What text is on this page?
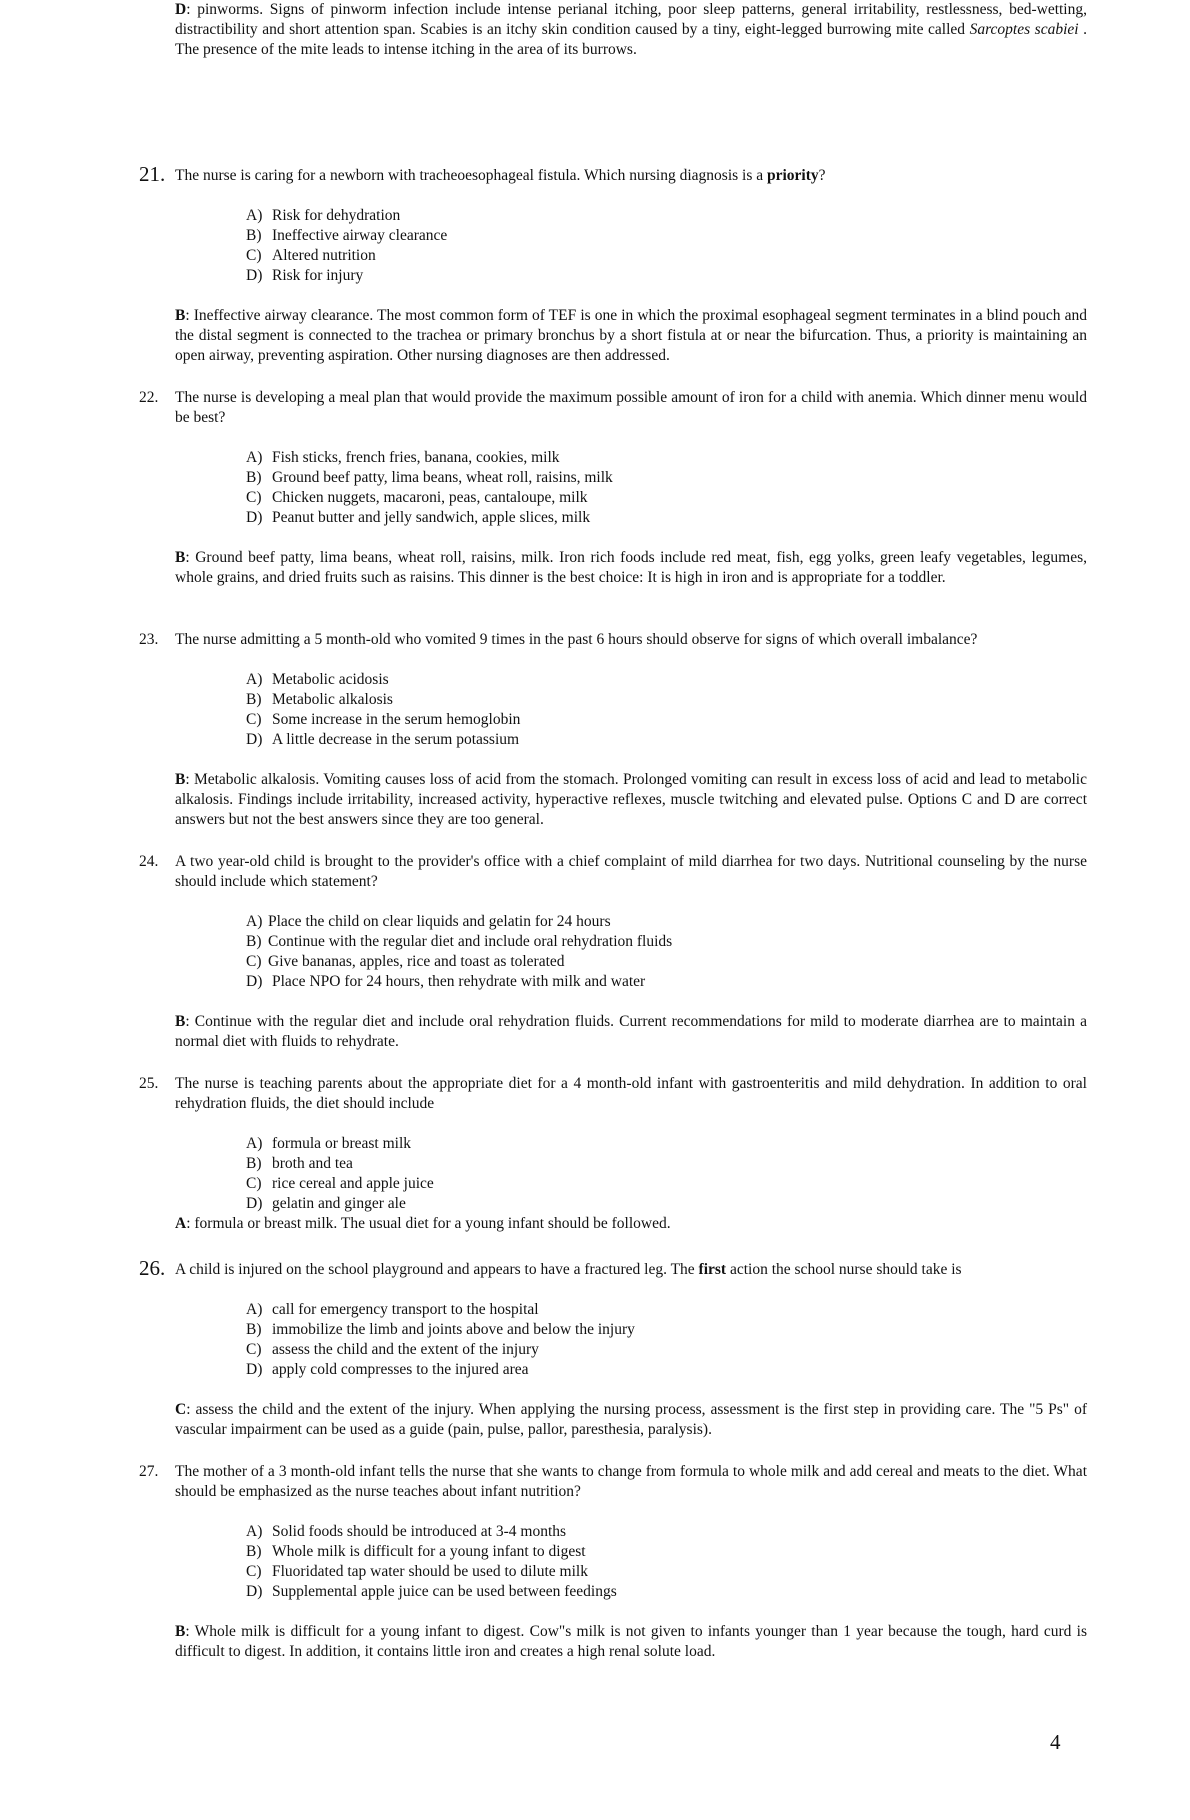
D: pinworms. Signs of pinworm infection include intense perianal itching, poor sleep patterns, general irritability, restlessness, bed-wetting, distractibility and short attention span. Scabies is an itchy skin condition caused by a tiny, eight-legged burrowing mite called Sarcoptes scabiei . The presence of the mite leads to intense itching in the area of its burrows.
21. The nurse is caring for a newborn with tracheoesophageal fistula. Which nursing diagnosis is a priority?
A) Risk for dehydration
B) Ineffective airway clearance
C) Altered nutrition
D) Risk for injury
B: Ineffective airway clearance. The most common form of TEF is one in which the proximal esophageal segment terminates in a blind pouch and the distal segment is connected to the trachea or primary bronchus by a short fistula at or near the bifurcation. Thus, a priority is maintaining an open airway, preventing aspiration. Other nursing diagnoses are then addressed.
22.	The nurse is developing a meal plan that would provide the maximum possible amount of iron for a child with anemia. Which dinner menu would be best?
A) Fish sticks, french fries, banana, cookies, milk
B) Ground beef patty, lima beans, wheat roll, raisins, milk
C) Chicken nuggets, macaroni, peas, cantaloupe, milk
D) Peanut butter and jelly sandwich, apple slices, milk
B: Ground beef patty, lima beans, wheat roll, raisins, milk. Iron rich foods include red meat, fish, egg yolks, green leafy vegetables, legumes, whole grains, and dried fruits such as raisins. This dinner is the best choice: It is high in iron and is appropriate for a toddler.
23.	The nurse admitting a 5 month-old who vomited 9 times in the past 6 hours should observe for signs of which overall imbalance?
A) Metabolic acidosis
B) Metabolic alkalosis
C) Some increase in the serum hemoglobin
D) A little decrease in the serum potassium
B: Metabolic alkalosis. Vomiting causes loss of acid from the stomach. Prolonged vomiting can result in excess loss of acid and lead to metabolic alkalosis. Findings include irritability, increased activity, hyperactive reflexes, muscle twitching and elevated pulse. Options C and D are correct answers but not the best answers since they are too general.
24.	A two year-old child is brought to the provider's office with a chief complaint of mild diarrhea for two days. Nutritional counseling by the nurse should include which statement?
A) Place the child on clear liquids and gelatin for 24 hours
B) Continue with the regular diet and include oral rehydration fluids
C) Give bananas, apples, rice and toast as tolerated
D) Place NPO for 24 hours, then rehydrate with milk and water
B: Continue with the regular diet and include oral rehydration fluids. Current recommendations for mild to moderate diarrhea are to maintain a normal diet with fluids to rehydrate.
25.	The nurse is teaching parents about the appropriate diet for a 4 month-old infant with gastroenteritis and mild dehydration. In addition to oral rehydration fluids, the diet should include
A) formula or breast milk
B) broth and tea
C) rice cereal and apple juice
D) gelatin and ginger ale
A: formula or breast milk. The usual diet for a young infant should be followed.
26. A child is injured on the school playground and appears to have a fractured leg. The first action the school nurse should take is
A) call for emergency transport to the hospital
B) immobilize the limb and joints above and below the injury
C) assess the child and the extent of the injury
D) apply cold compresses to the injured area
C: assess the child and the extent of the injury. When applying the nursing process, assessment is the first step in providing care. The "5 Ps" of vascular impairment can be used as a guide (pain, pulse, pallor, paresthesia, paralysis).
27.	The mother of a 3 month-old infant tells the nurse that she wants to change from formula to whole milk and add cereal and meats to the diet. What should be emphasized as the nurse teaches about infant nutrition?
A) Solid foods should be introduced at 3-4 months
B) Whole milk is difficult for a young infant to digest
C) Fluoridated tap water should be used to dilute milk
D) Supplemental apple juice can be used between feedings
B: Whole milk is difficult for a young infant to digest. Cow"s milk is not given to infants younger than 1 year because the tough, hard curd is difficult to digest. In addition, it contains little iron and creates a high renal solute load.
4
